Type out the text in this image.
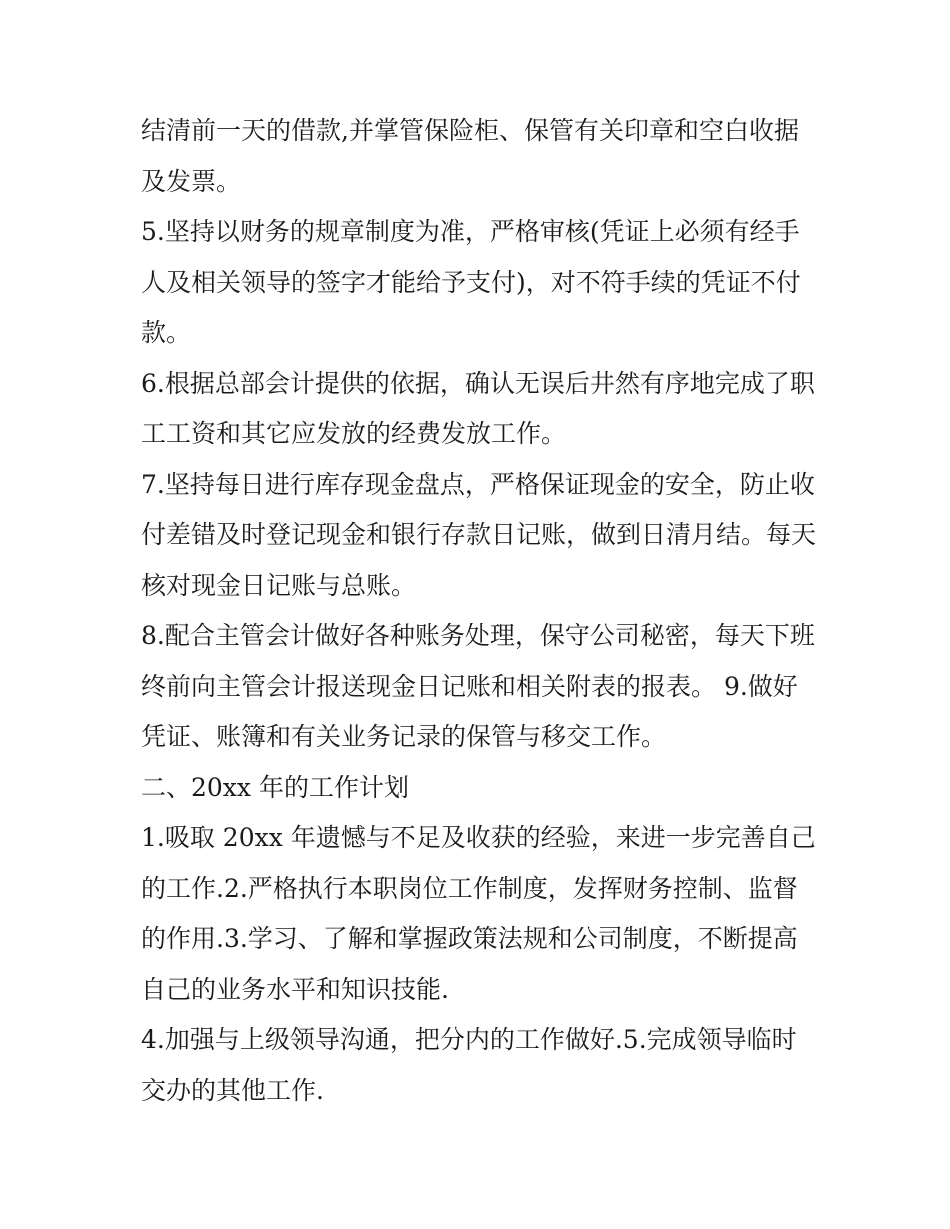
结清前一天的借款,并掌管保险柜、保管有关印章和空白收据及发票。

5.坚持以财务的规章制度为准，严格审核(凭证上必须有经手人及相关领导的签字才能给予支付)，对不符手续的凭证不付款。

6.根据总部会计提供的依据，确认无误后井然有序地完成了职工工资和其它应发放的经费发放工作。

7.坚持每日进行库存现金盘点，严格保证现金的安全，防止收付差错及时登记现金和银行存款日记账，做到日清月结。每天核对现金日记账与总账。

8.配合主管会计做好各种账务处理，保守公司秘密，每天下班终前向主管会计报送现金日记账和相关附表的报表。 9.做好凭证、账簿和有关业务记录的保管与移交工作。

二、20xx 年的工作计划

1.吸取 20xx 年遗憾与不足及收获的经验，来进一步完善自己的工作.2.严格执行本职岗位工作制度，发挥财务控制、监督的作用.3.学习、了解和掌握政策法规和公司制度，不断提高自己的业务水平和知识技能.

4.加强与上级领导沟通，把分内的工作做好.5.完成领导临时交办的其他工作.
